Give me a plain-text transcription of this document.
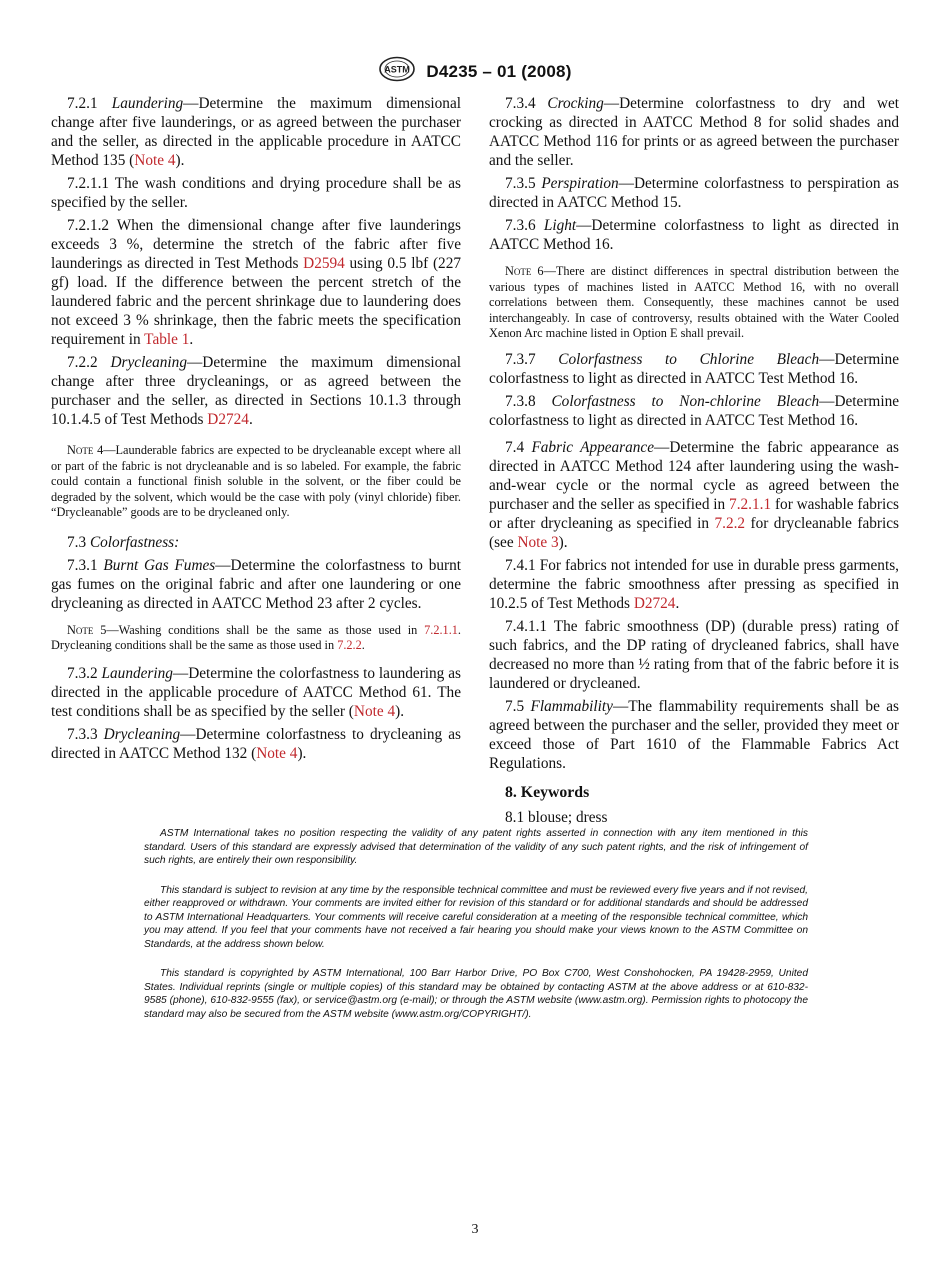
ASTM D4235 – 01 (2008)

7.2.1 Laundering—Determine the maximum dimensional change after five launderings, or as agreed between the purchaser and the seller, as directed in the applicable procedure in AATCC Method 135 (Note 4).

7.2.1.1 The wash conditions and drying procedure shall be as specified by the seller.

7.2.1.2 When the dimensional change after five launderings exceeds 3 %, determine the stretch of the fabric after five launderings as directed in Test Methods D2594 using 0.5 lbf (227 gf) load. If the difference between the percent stretch of the laundered fabric and the percent shrinkage due to laundering does not exceed 3 % shrinkage, then the fabric meets the specification requirement in Table 1.

7.2.2 Drycleaning—Determine the maximum dimensional change after three drycleanings, or as agreed between the purchaser and the seller, as directed in Sections 10.1.3 through 10.1.4.5 of Test Methods D2724.

Note 4—Launderable fabrics are expected to be drycleanable except where all or part of the fabric is not drycleanable and is so labeled. For example, the fabric could contain a functional finish soluble in the solvent, or the fiber could be degraded by the solvent, which would be the case with poly (vinyl chloride) fiber. “Drycleanable” goods are to be drycleaned only.

7.3 Colorfastness:

7.3.1 Burnt Gas Fumes—Determine the colorfastness to burnt gas fumes on the original fabric and after one laundering or one drycleaning as directed in AATCC Method 23 after 2 cycles.

Note 5—Washing conditions shall be the same as those used in 7.2.1.1. Drycleaning conditions shall be the same as those used in 7.2.2.

7.3.2 Laundering—Determine the colorfastness to laundering as directed in the applicable procedure of AATCC Method 61. The test conditions shall be as specified by the seller (Note 4).

7.3.3 Drycleaning—Determine colorfastness to drycleaning as directed in AATCC Method 132 (Note 4).

7.3.4 Crocking—Determine colorfastness to dry and wet crocking as directed in AATCC Method 8 for solid shades and AATCC Method 116 for prints or as agreed between the purchaser and the seller.

7.3.5 Perspiration—Determine colorfastness to perspiration as directed in AATCC Method 15.

7.3.6 Light—Determine colorfastness to light as directed in AATCC Method 16.

Note 6—There are distinct differences in spectral distribution between the various types of machines listed in AATCC Method 16, with no overall correlations between them. Consequently, these machines cannot be used interchangeably. In case of controversy, results obtained with the Water Cooled Xenon Arc machine listed in Option E shall prevail.

7.3.7 Colorfastness to Chlorine Bleach—Determine colorfastness to light as directed in AATCC Test Method 16.

7.3.8 Colorfastness to Non-chlorine Bleach—Determine colorfastness to light as directed in AATCC Test Method 16.

7.4 Fabric Appearance—Determine the fabric appearance as directed in AATCC Method 124 after laundering using the wash-and-wear cycle or the normal cycle as agreed between the purchaser and the seller as specified in 7.2.1.1 for washable fabrics or after drycleaning as specified in 7.2.2 for drycleanable fabrics (see Note 3).

7.4.1 For fabrics not intended for use in durable press garments, determine the fabric smoothness after pressing as specified in 10.2.5 of Test Methods D2724.

7.4.1.1 The fabric smoothness (DP) (durable press) rating of such fabrics, and the DP rating of drycleaned fabrics, shall have decreased no more than ½ rating from that of the fabric before it is laundered or drycleaned.

7.5 Flammability—The flammability requirements shall be as agreed between the purchaser and the seller, provided they meet or exceed those of Part 1610 of the Flammable Fabrics Act Regulations.

8. Keywords

8.1 blouse; dress

ASTM International takes no position respecting the validity of any patent rights asserted in connection with any item mentioned in this standard. Users of this standard are expressly advised that determination of the validity of any such patent rights, and the risk of infringement of such rights, are entirely their own responsibility.

This standard is subject to revision at any time by the responsible technical committee and must be reviewed every five years and if not revised, either reapproved or withdrawn. Your comments are invited either for revision of this standard or for additional standards and should be addressed to ASTM International Headquarters. Your comments will receive careful consideration at a meeting of the responsible technical committee, which you may attend. If you feel that your comments have not received a fair hearing you should make your views known to the ASTM Committee on Standards, at the address shown below.

This standard is copyrighted by ASTM International, 100 Barr Harbor Drive, PO Box C700, West Conshohocken, PA 19428-2959, United States. Individual reprints (single or multiple copies) of this standard may be obtained by contacting ASTM at the above address or at 610-832-9585 (phone), 610-832-9555 (fax), or service@astm.org (e-mail); or through the ASTM website (www.astm.org). Permission rights to photocopy the standard may also be secured from the ASTM website (www.astm.org/COPYRIGHT/).

3
